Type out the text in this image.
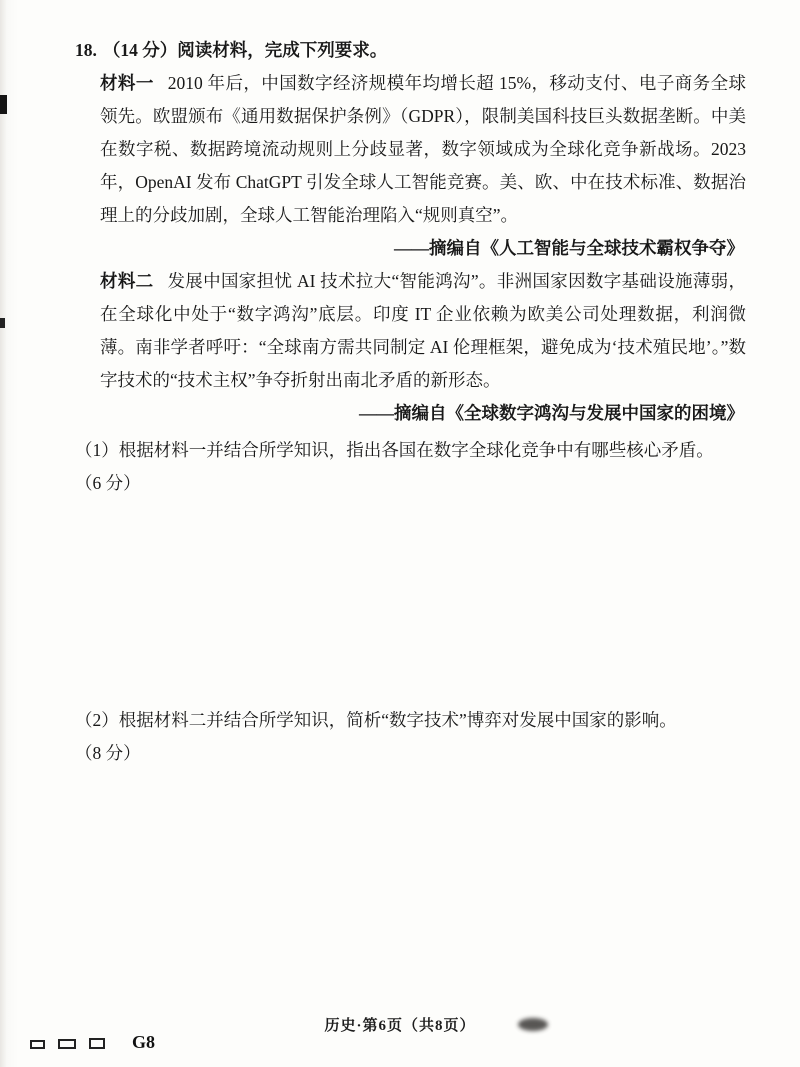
18. （14 分）阅读材料，完成下列要求。

材料一 2010 年后，中国数字经济规模年均增长超 15%，移动支付、电子商务全球领先。欧盟颁布《通用数据保护条例》（GDPR），限制美国科技巨头数据垄断。中美在数字税、数据跨境流动规则上分歧显著，数字领域成为全球化竞争新战场。2023 年，OpenAI 发布 ChatGPT 引发全球人工智能竞赛。美、欧、中在技术标准、数据治理上的分歧加剧，全球人工智能治理陷入“规则真空”。

——摘编自《人工智能与全球技术霸权争夺》

材料二 发展中国家担忧 AI 技术拉大“智能鸿沟”。非洲国家因数字基础设施薄弱，在全球化中处于“数字鸿沟”底层。印度 IT 企业依赖为欧美公司处理数据，利润微薄。南非学者呼吁：“全球南方需共同制定 AI 伦理框架，避免成为‘技术殖民地’。”数字技术的“技术主权”争夺折射出南北矛盾的新形态。

——摘编自《全球数字鸿沟与发展中国家的困境》

（1）根据材料一并结合所学知识，指出各国在数字全球化竞争中有哪些核心矛盾。

（6 分）

（2）根据材料二并结合所学知识，简析“数字技术”博弈对发展中国家的影响。

（8 分）

历史·第6页（共8页）
G8
